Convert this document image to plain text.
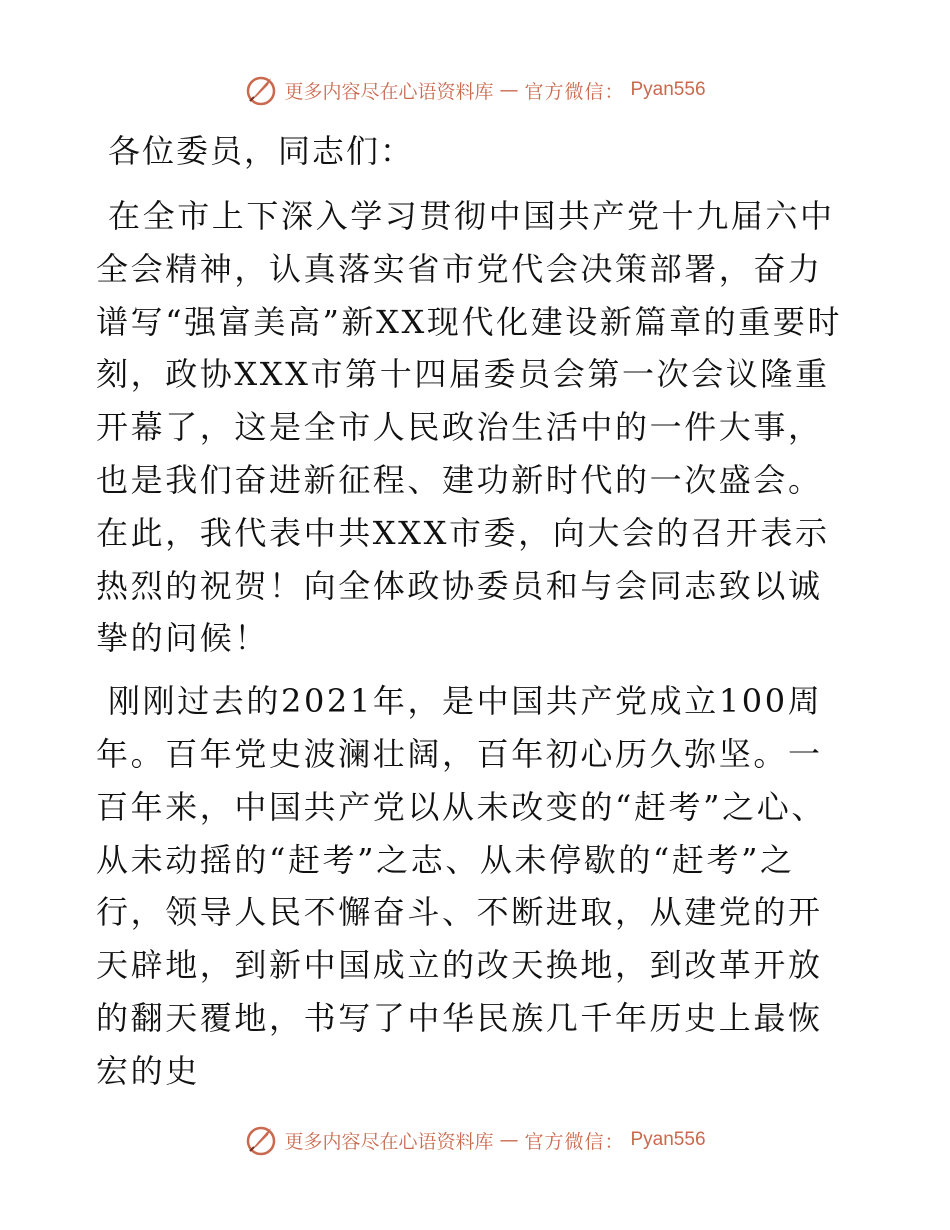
更多内容尽在心语资料库 — 官方微信： Pyan556

各位委员，同志们：

在全市上下深入学习贯彻中国共产党十九届六中全会精神，认真落实省市党代会决策部署，奋力谱写“强富美高”新XX现代化建设新篇章的重要时刻，政协XXX市第十四届委员会第一次会议隆重开幕了，这是全市人民政治生活中的一件大事，也是我们奋进新征程、建功新时代的一次盛会。在此，我代表中共XXX市委，向大会的召开表示热烈的祝贺！向全体政协委员和与会同志致以诚挚的问候！

刚刚过去的2021年，是中国共产党成立100周年。百年党史波澜壮阔，百年初心历久弥坚。一百年来，中国共产党以从未改变的“赶考”之心、从未动摇的“赶考”之志、从未停歇的“赶考”之行，领导人民不懈奋斗、不断进取，从建党的开天辟地，到新中国成立的改天换地，到改革开放的翻天覆地，书写了中华民族几千年历史上最恢宏的史

更多内容尽在心语资料库 — 官方微信： Pyan556
